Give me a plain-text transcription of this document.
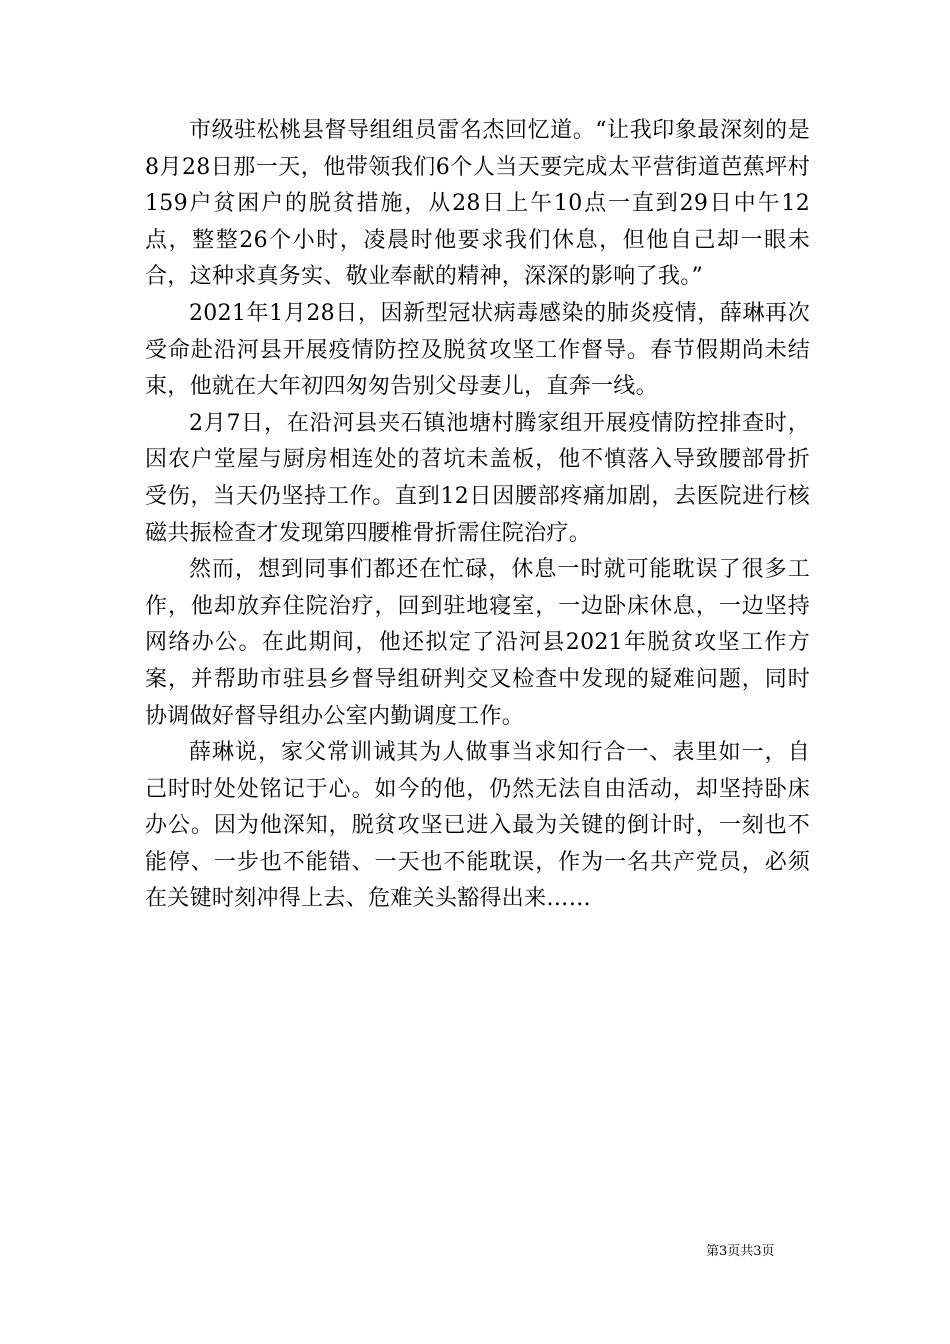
市级驻松桃县督导组组员雷名杰回忆道。“让我印象最深刻的是8月28日那一天，他带领我们6个人当天要完成太平营街道芭蕉坪村159户贫困户的脱贫措施，从28日上午10点一直到29日中午12点，整整26个小时，凌晨时他要求我们休息，但他自己却一眼未合，这种求真务实、敬业奉献的精神，深深的影响了我。”

2021年1月28日，因新型冠状病毒感染的肺炎疫情，薛琳再次受命赴沿河县开展疫情防控及脱贫攻坚工作督导。春节假期尚未结束，他就在大年初四匆匆告别父母妻儿，直奔一线。

2月7日，在沿河县夹石镇池塘村腾家组开展疫情防控排查时，因农户堂屋与厨房相连处的苕坑未盖板，他不慎落入导致腰部骨折受伤，当天仍坚持工作。直到12日因腰部疼痛加剧，去医院进行核磁共振检查才发现第四腰椎骨折需住院治疗。

然而，想到同事们都还在忙碌，休息一时就可能耽误了很多工作，他却放弃住院治疗，回到驻地寝室，一边卧床休息，一边坚持网络办公。在此期间，他还拟定了沿河县2021年脱贫攻坚工作方案，并帮助市驻县乡督导组研判交叉检查中发现的疑难问题，同时协调做好督导组办公室内勤调度工作。

薛琳说，家父常训诫其为人做事当求知行合一、表里如一，自己时时处处铭记于心。如今的他，仍然无法自由活动，却坚持卧床办公。因为他深知，脱贫攻坚已进入最为关键的倒计时，一刻也不能停、一步也不能错、一天也不能耽误，作为一名共产党员，必须在关键时刻冲得上去、危难关头豁得出来……

第3页共3页
